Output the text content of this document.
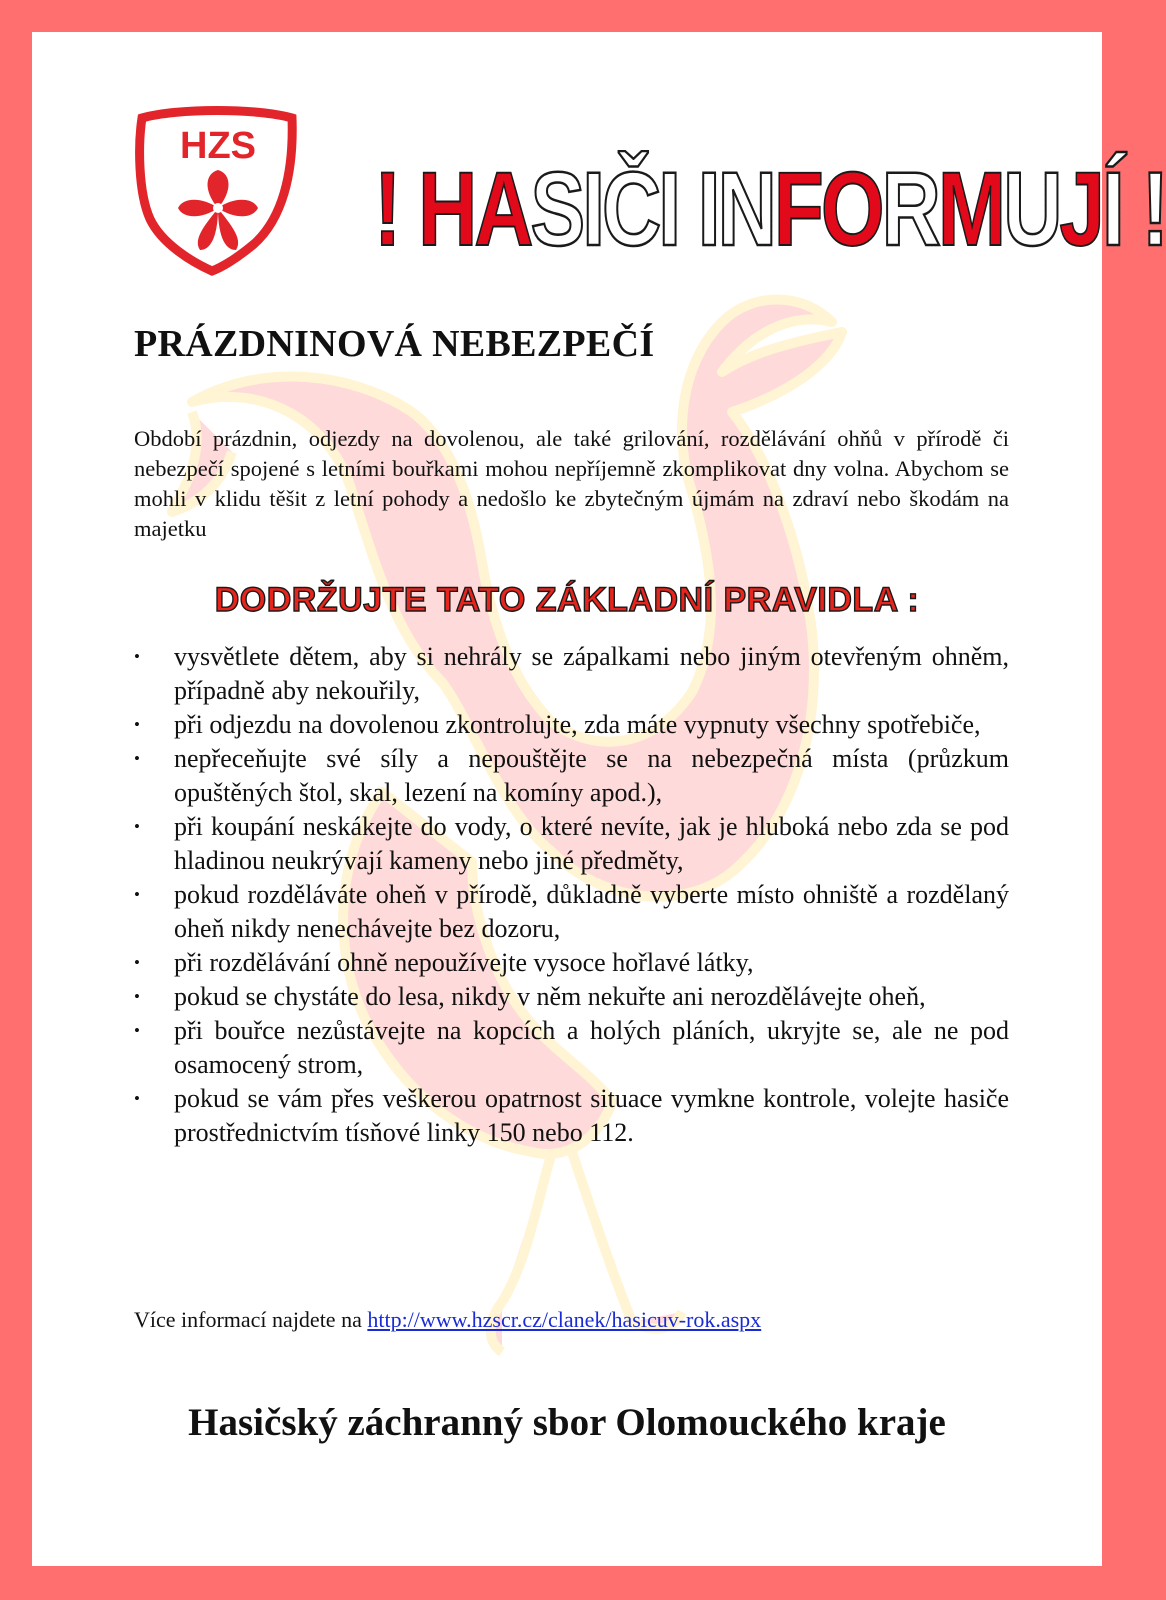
HZS
! HASIČI INFORMUJÍ !
PRÁZDNINOVÁ NEBEZPEČÍ

Období prázdnin, odjezdy na dovolenou, ale také grilování, rozdělávání ohňů v přírodě či nebezpečí spojené s letními bouřkami mohou nepříjemně zkomplikovat dny volna. Abychom se mohli v klidu těšit z letní pohody a nedošlo ke zbytečným újmám na zdraví nebo škodám na majetku

DODRŽUJTE TATO ZÁKLADNÍ PRAVIDLA :
• vysvětlete dětem, aby si nehrály se zápalkami nebo jiným otevřeným ohněm, případně aby nekouřily,
• při odjezdu na dovolenou zkontrolujte, zda máte vypnuty všechny spotřebiče,
• nepřeceňujte své síly a nepouštějte se na nebezpečná místa (průzkum opuštěných štol, skal, lezení na komíny apod.),
• při koupání neskákejte do vody, o které nevíte, jak je hluboká nebo zda se pod hladinou neukrývají kameny nebo jiné předměty,
• pokud rozděláváte oheň v přírodě, důkladně vyberte místo ohniště a rozdělaný oheň nikdy nenechávejte bez dozoru,
• při rozdělávání ohně nepoužívejte vysoce hořlavé látky,
• pokud se chystáte do lesa, nikdy v něm nekuřte ani nerozdělávejte oheň,
• při bouřce nezůstávejte na kopcích a holých pláních, ukryjte se, ale ne pod osamocený strom,
• pokud se vám přes veškerou opatrnost situace vymkne kontrole, volejte hasiče prostřednictvím tísňové linky 150 nebo 112.

Více informací najdete na http://www.hzscr.cz/clanek/hasicuv-rok.aspx

Hasičský záchranný sbor Olomouckého kraje
